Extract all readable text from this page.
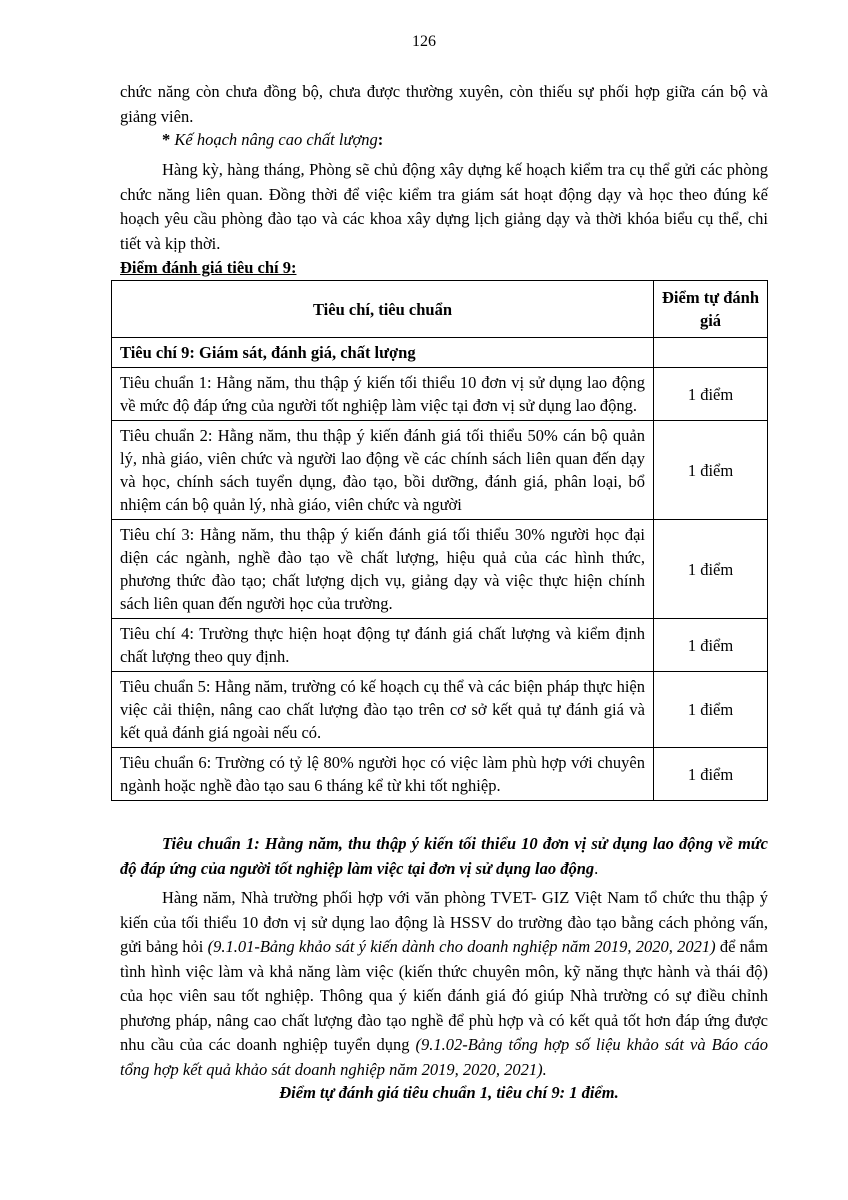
126

chức năng còn chưa đồng bộ, chưa được thường xuyên, còn thiếu sự phối hợp giữa cán bộ và giảng viên.

* Kế hoạch nâng cao chất lượng:

Hàng kỳ, hàng tháng, Phòng sẽ chủ động xây dựng kế hoạch kiểm tra cụ thể gửi các phòng chức năng liên quan. Đồng thời để việc kiểm tra giám sát hoạt động dạy và học theo đúng kế hoạch yêu cầu phòng đào tạo và các khoa xây dựng lịch giảng dạy và thời khóa biểu cụ thể, chi tiết và kịp thời.

Điểm đánh giá tiêu chí 9:
Tiêu chí, tiêu chuẩn	Điểm tự đánh giá
Tiêu chí 9: Giám sát, đánh giá, chất lượng	
Tiêu chuẩn 1: Hằng năm, thu thập ý kiến tối thiểu 10 đơn vị sử dụng lao động về mức độ đáp ứng của người tốt nghiệp làm việc tại đơn vị sử dụng lao động.	1 điểm
Tiêu chuẩn 2: Hằng năm, thu thập ý kiến đánh giá tối thiểu 50% cán bộ quản lý, nhà giáo, viên chức và người lao động về các chính sách liên quan đến dạy và học, chính sách tuyển dụng, đào tạo, bồi dưỡng, đánh giá, phân loại, bổ nhiệm cán bộ quản lý, nhà giáo, viên chức và người	1 điểm
Tiêu chí 3: Hằng năm, thu thập ý kiến đánh giá tối thiểu 30% người học đại diện các ngành, nghề đào tạo về chất lượng, hiệu quả của các hình thức, phương thức đào tạo; chất lượng dịch vụ, giảng dạy và việc thực hiện chính sách liên quan đến người học của trường.	1 điểm
Tiêu chí 4: Trường thực hiện hoạt động tự đánh giá chất lượng và kiểm định chất lượng theo quy định.	1 điểm
Tiêu chuẩn 5: Hằng năm, trường có kế hoạch cụ thể và các biện pháp thực hiện việc cải thiện, nâng cao chất lượng đào tạo trên cơ sở kết quả tự đánh giá và kết quả đánh giá ngoài nếu có.	1 điểm
Tiêu chuẩn 6: Trường có tỷ lệ 80% người học có việc làm phù hợp với chuyên ngành hoặc nghề đào tạo sau 6 tháng kể từ khi tốt nghiệp.	1 điểm

Tiêu chuẩn 1: Hằng năm, thu thập ý kiến tối thiểu 10 đơn vị sử dụng lao động về mức độ đáp ứng của người tốt nghiệp làm việc tại đơn vị sử dụng lao động.

Hàng năm, Nhà trường phối hợp với văn phòng TVET- GIZ Việt Nam tổ chức thu thập ý kiến của tối thiểu 10 đơn vị sử dụng lao động là HSSV do trường đào tạo bằng cách phỏng vấn, gửi bảng hỏi (9.1.01-Bảng khảo sát ý kiến dành cho doanh nghiệp năm 2019, 2020, 2021) để nắm tình hình việc làm và khả năng làm việc (kiến thức chuyên môn, kỹ năng thực hành và thái độ) của học viên sau tốt nghiệp. Thông qua ý kiến đánh giá đó giúp Nhà trường có sự điều chỉnh phương pháp, nâng cao chất lượng đào tạo nghề để phù hợp và có kết quả tốt hơn đáp ứng được nhu cầu của các doanh nghiệp tuyển dụng (9.1.02-Bảng tổng hợp số liệu khảo sát và Báo cáo tổng hợp kết quả khảo sát doanh nghiệp năm 2019, 2020, 2021).

Điểm tự đánh giá tiêu chuẩn 1, tiêu chí 9: 1 điểm.
